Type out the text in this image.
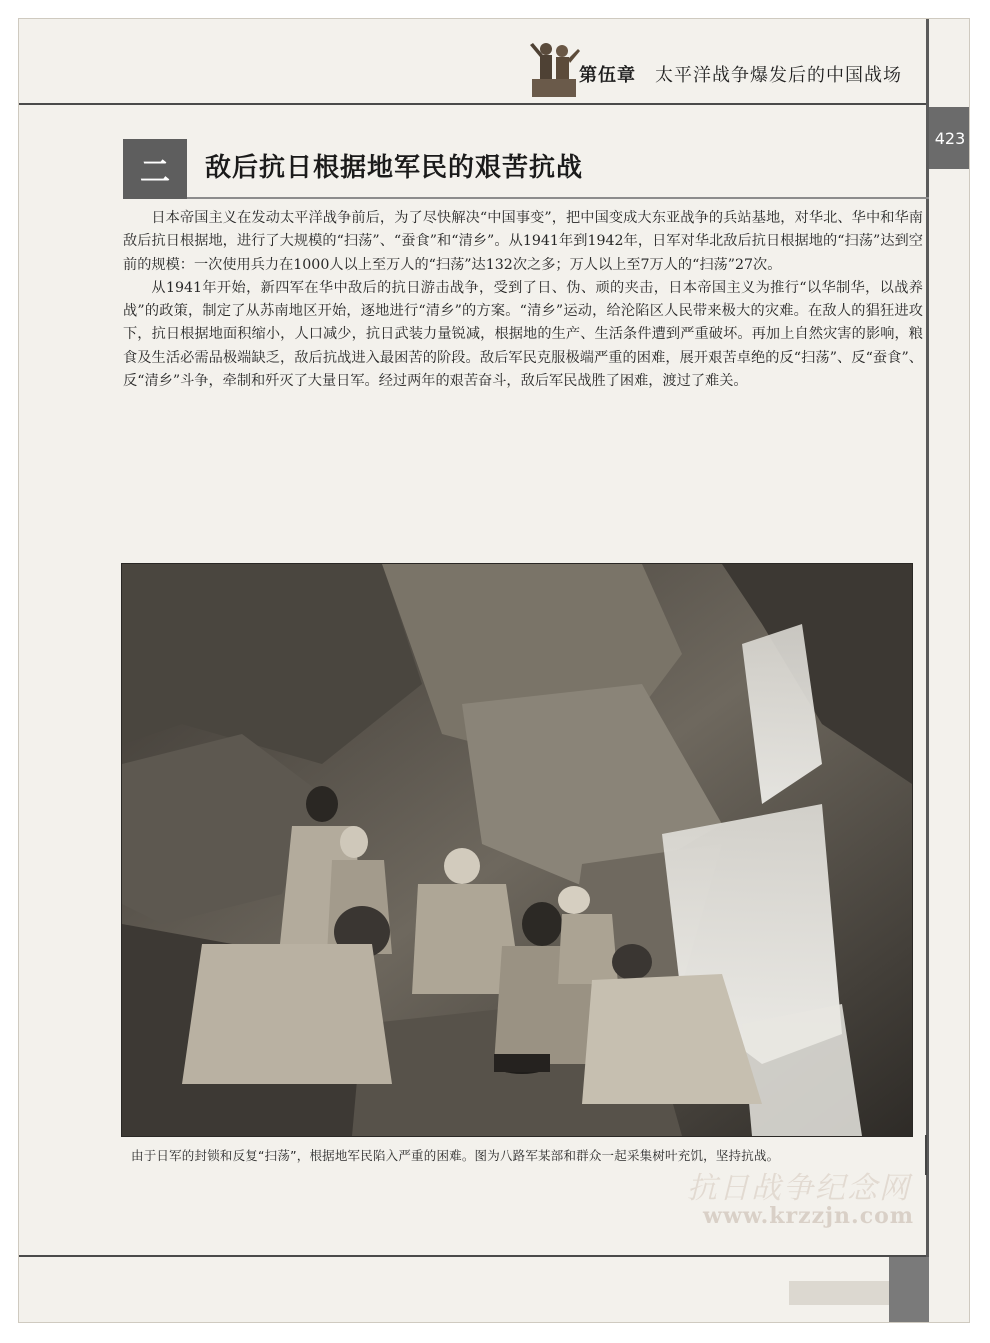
第伍章 太平洋战争爆发后的中国战场
423
二	敌后抗日根据地军民的艰苦抗战

日本帝国主义在发动太平洋战争前后，为了尽快解决“中国事变”，把中国变成大东亚战争的兵站基地，对华北、华中和华南敌后抗日根据地，进行了大规模的“扫荡”、“蚕食”和“清乡”。从1941年到1942年，日军对华北敌后抗日根据地的“扫荡”达到空前的规模：一次使用兵力在1000人以上至万人的“扫荡”达132次之多；万人以上至7万人的“扫荡”27次。

从1941年开始，新四军在华中敌后的抗日游击战争，受到了日、伪、顽的夹击，日本帝国主义为推行“以华制华，以战养战”的政策，制定了从苏南地区开始，逐地进行“清乡”的方案。“清乡”运动，给沦陷区人民带来极大的灾难。在敌人的猖狂进攻下，抗日根据地面积缩小，人口减少，抗日武装力量锐减，根据地的生产、生活条件遭到严重破坏。再加上自然灾害的影响，粮食及生活必需品极端缺乏，敌后抗战进入最困苦的阶段。敌后军民克服极端严重的困难，展开艰苦卓绝的反“扫荡”、反“蚕食”、反“清乡”斗争，牵制和歼灭了大量日军。经过两年的艰苦奋斗，敌后军民战胜了困难，渡过了难关。

由于日军的封锁和反复“扫荡”，根据地军民陷入严重的困难。图为八路军某部和群众一起采集树叶充饥，坚持抗战。
抗日战争纪念网
www.krzzjn.com
